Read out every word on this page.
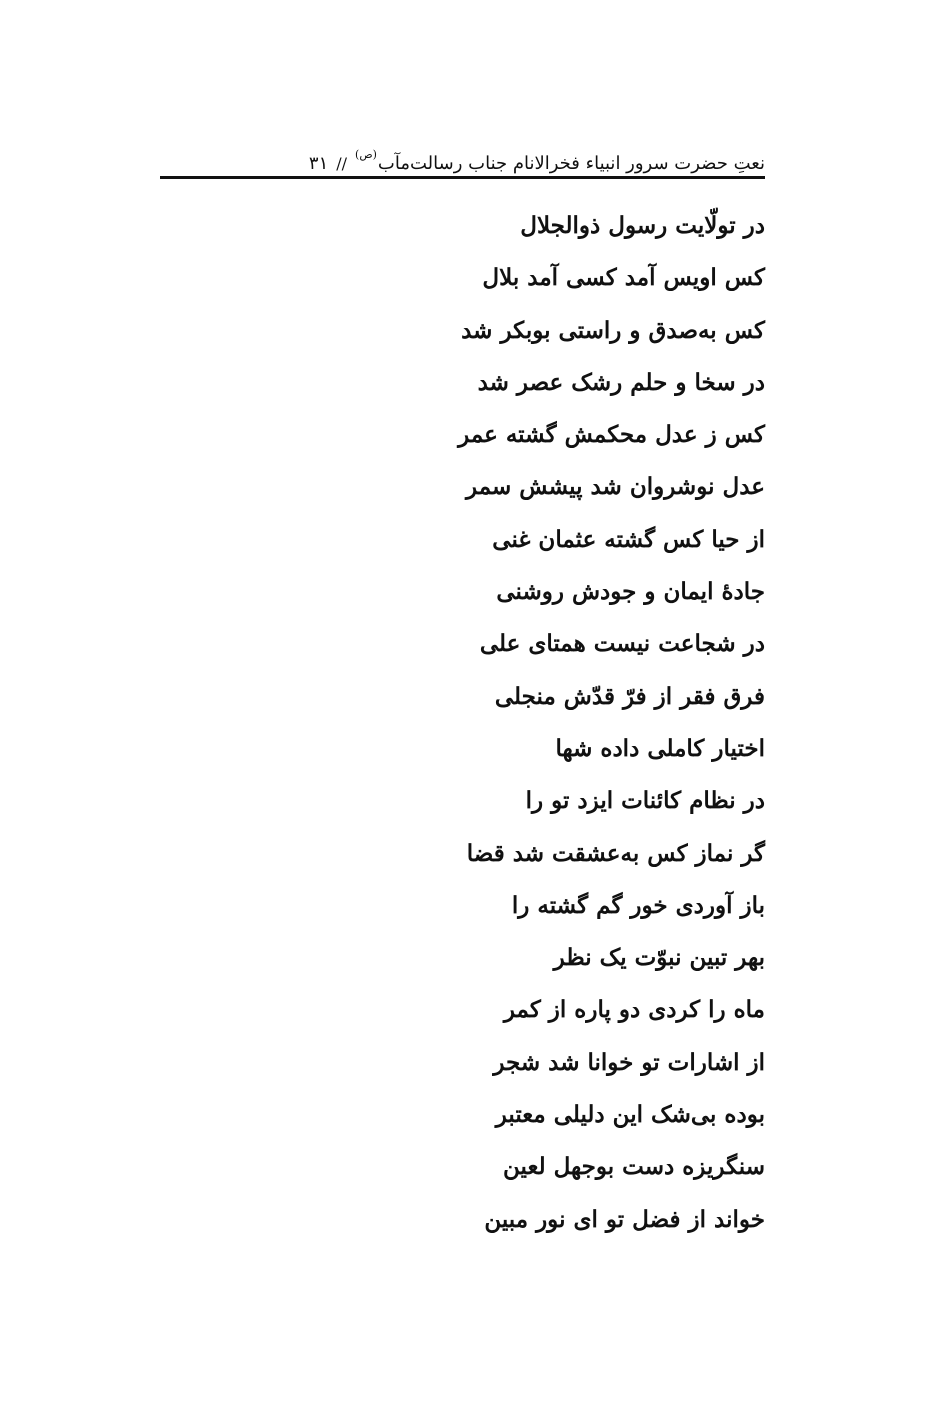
نعتِ حضرت سرور انبیاء فخرالانام جناب رسالت‌مآب
(ص)
//
۳۱
در تولّایت رسول ذوالجلال
کس اویس آمد کسی آمد بلال
کس به‌صدق و راستی بوبکر شد
در سخا و حلم رشک عصر شد
کس ز عدل محکمش گشته عمر
عدل نوشروان شد پیشش سمر
از حیا کس گشته عثمان غنی
جادهٔ ایمان و جودش روشنی
در شجاعت نیست همتای علی
فرق فقر از فرّ قدّش منجلی
اختیار کاملی داده شها
در نظام کائنات ایزد تو را
گر نماز کس به‌عشقت شد قضا
باز آوردی خور گم گشته را
بهر تبین نبوّت یک نظر
ماه را کردی دو پاره از کمر
از اشارات تو خوانا شد شجر
بوده بی‌شک این دلیلی معتبر
سنگریزه دست بوجهل لعین
خواند از فضل تو ای نور مبین
